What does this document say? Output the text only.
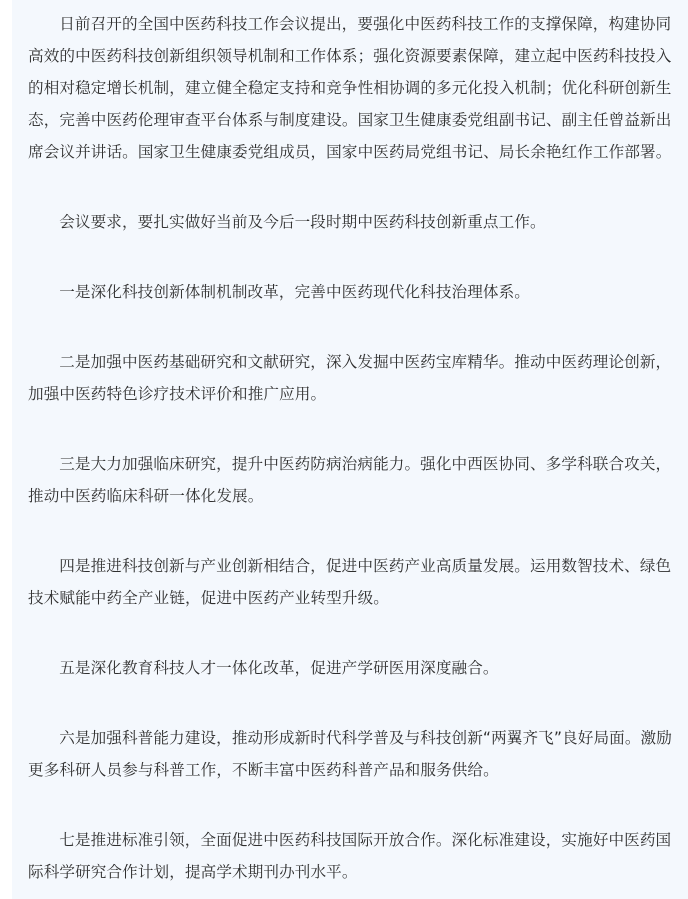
日前召开的全国中医药科技工作会议提出，要强化中医药科技工作的支撑保障，构建协同高效的中医药科技创新组织领导机制和工作体系；强化资源要素保障，建立起中医药科技投入的相对稳定增长机制，建立健全稳定支持和竞争性相协调的多元化投入机制；优化科研创新生态，完善中医药伦理审查平台体系与制度建设。国家卫生健康委党组副书记、副主任曾益新出席会议并讲话。国家卫生健康委党组成员，国家中医药局党组书记、局长余艳红作工作部署。

会议要求，要扎实做好当前及今后一段时期中医药科技创新重点工作。

一是深化科技创新体制机制改革，完善中医药现代化科技治理体系。

二是加强中医药基础研究和文献研究，深入发掘中医药宝库精华。推动中医药理论创新，加强中医药特色诊疗技术评价和推广应用。

三是大力加强临床研究，提升中医药防病治病能力。强化中西医协同、多学科联合攻关，推动中医药临床科研一体化发展。

四是推进科技创新与产业创新相结合，促进中医药产业高质量发展。运用数智技术、绿色技术赋能中药全产业链，促进中医药产业转型升级。

五是深化教育科技人才一体化改革，促进产学研医用深度融合。

六是加强科普能力建设，推动形成新时代科学普及与科技创新“两翼齐飞”良好局面。激励更多科研人员参与科普工作，不断丰富中医药科普产品和服务供给。

七是推进标准引领，全面促进中医药科技国际开放合作。深化标准建设，实施好中医药国际科学研究合作计划，提高学术期刊办刊水平。
